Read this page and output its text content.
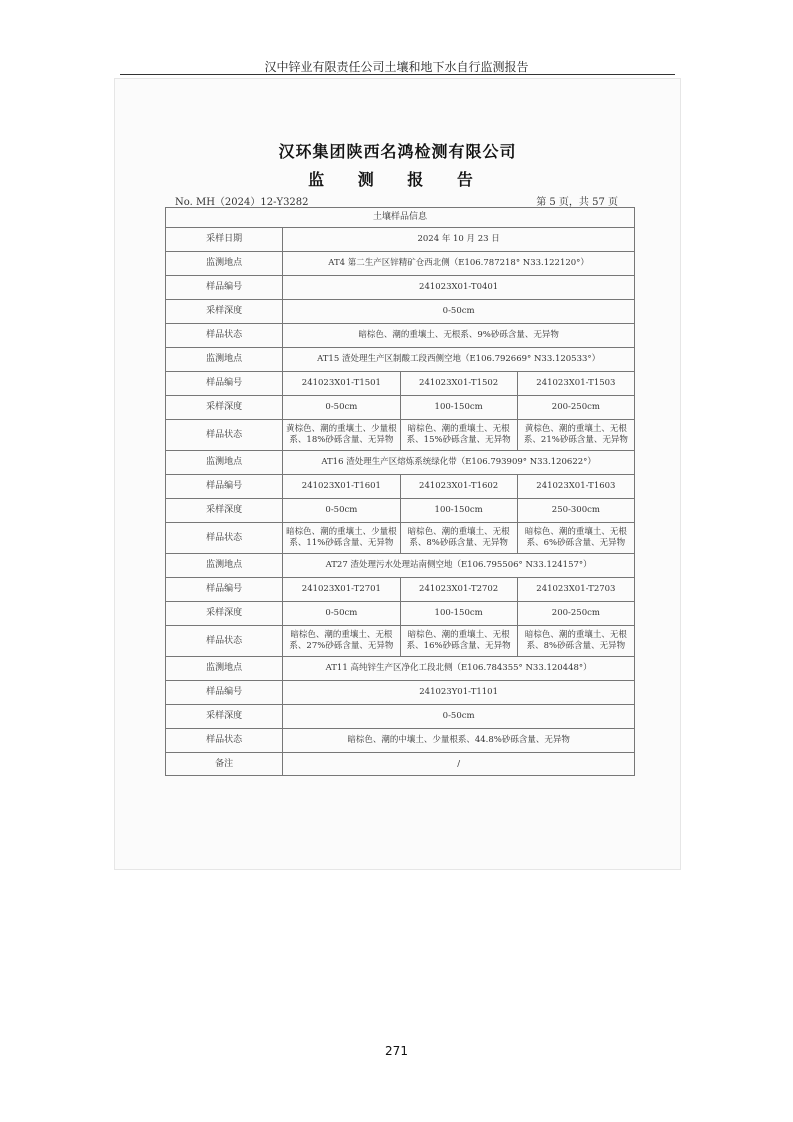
汉中锌业有限责任公司土壤和地下水自行监测报告
汉环集团陕西名鸿检测有限公司
监 测 报 告
No. MH（2024）12-Y3282	第 5 页，共 57 页
土壤样品信息			
采样日期	2024 年 10 月 23 日		
监测地点	AT4 第二生产区锌精矿仓西北侧（E106.787218° N33.122120°）		
样品编号	241023X01-T0401		
采样深度	0-50cm		
样品状态	暗棕色、潮的重壤土、无根系、9%砂砾含量、无异物		
监测地点	AT15 渣处理生产区制酸工段西侧空地（E106.792669° N33.120533°）		
样品编号	241023X01-T1501	241023X01-T1502	241023X01-T1503
采样深度	0-50cm	100-150cm	200-250cm
样品状态	黄棕色、潮的重壤土、少量根系、18%砂砾含量、无异物	暗棕色、潮的重壤土、无根系、15%砂砾含量、无异物	黄棕色、潮的重壤土、无根系、21%砂砾含量、无异物
监测地点	AT16 渣处理生产区熔炼系统绿化带（E106.793909° N33.120622°）		
样品编号	241023X01-T1601	241023X01-T1602	241023X01-T1603
采样深度	0-50cm	100-150cm	250-300cm
样品状态	暗棕色、潮的重壤土、少量根系、11%砂砾含量、无异物	暗棕色、潮的重壤土、无根系、8%砂砾含量、无异物	暗棕色、潮的重壤土、无根系、6%砂砾含量、无异物
监测地点	AT27 渣处理污水处理站南侧空地（E106.795506° N33.124157°）		
样品编号	241023X01-T2701	241023X01-T2702	241023X01-T2703
采样深度	0-50cm	100-150cm	200-250cm
样品状态	暗棕色、潮的重壤土、无根系、27%砂砾含量、无异物	暗棕色、潮的重壤土、无根系、16%砂砾含量、无异物	暗棕色、潮的重壤土、无根系、8%砂砾含量、无异物
监测地点	AT11 高纯锌生产区净化工段北侧（E106.784355° N33.120448°）		
样品编号	241023Y01-T1101		
采样深度	0-50cm		
样品状态	暗棕色、潮的中壤土、少量根系、44.8%砂砾含量、无异物		
备注	/		
271
